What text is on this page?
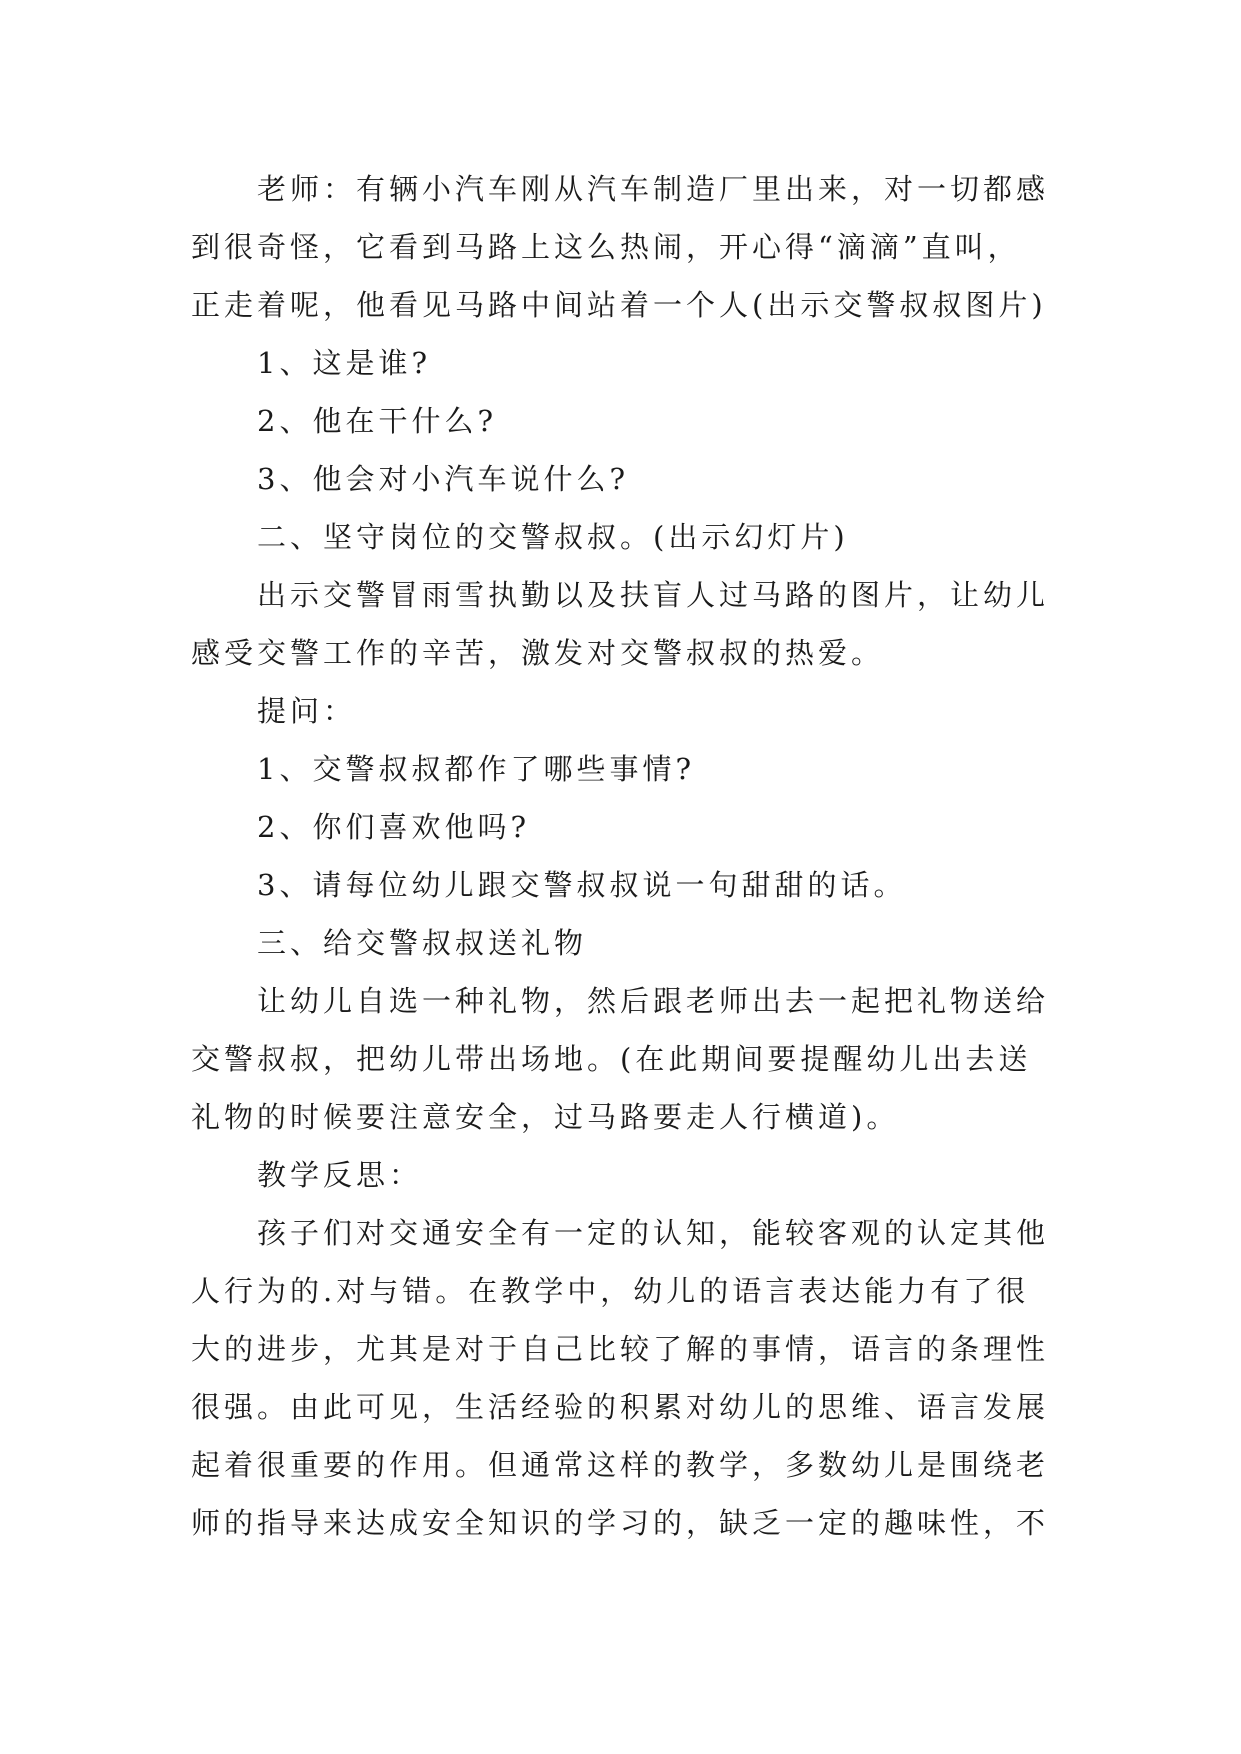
老师：有辆小汽车刚从汽车制造厂里出来，对一切都感到很奇怪，它看到马路上这么热闹，开心得“滴滴”直叫，正走着呢，他看见马路中间站着一个人(出示交警叔叔图片)

1、这是谁?

2、他在干什么?

3、他会对小汽车说什么?

二、坚守岗位的交警叔叔。(出示幻灯片)

出示交警冒雨雪执勤以及扶盲人过马路的图片，让幼儿感受交警工作的辛苦，激发对交警叔叔的热爱。

提问：

1、交警叔叔都作了哪些事情?

2、你们喜欢他吗?

3、请每位幼儿跟交警叔叔说一句甜甜的话。

三、给交警叔叔送礼物

让幼儿自选一种礼物，然后跟老师出去一起把礼物送给交警叔叔，把幼儿带出场地。(在此期间要提醒幼儿出去送礼物的时候要注意安全，过马路要走人行横道)。

教学反思：

孩子们对交通安全有一定的认知，能较客观的认定其他人行为的.对与错。在教学中，幼儿的语言表达能力有了很大的进步，尤其是对于自己比较了解的事情，语言的条理性很强。由此可见，生活经验的积累对幼儿的思维、语言发展起着很重要的作用。但通常这样的教学，多数幼儿是围绕老师的指导来达成安全知识的学习的，缺乏一定的趣味性，不
